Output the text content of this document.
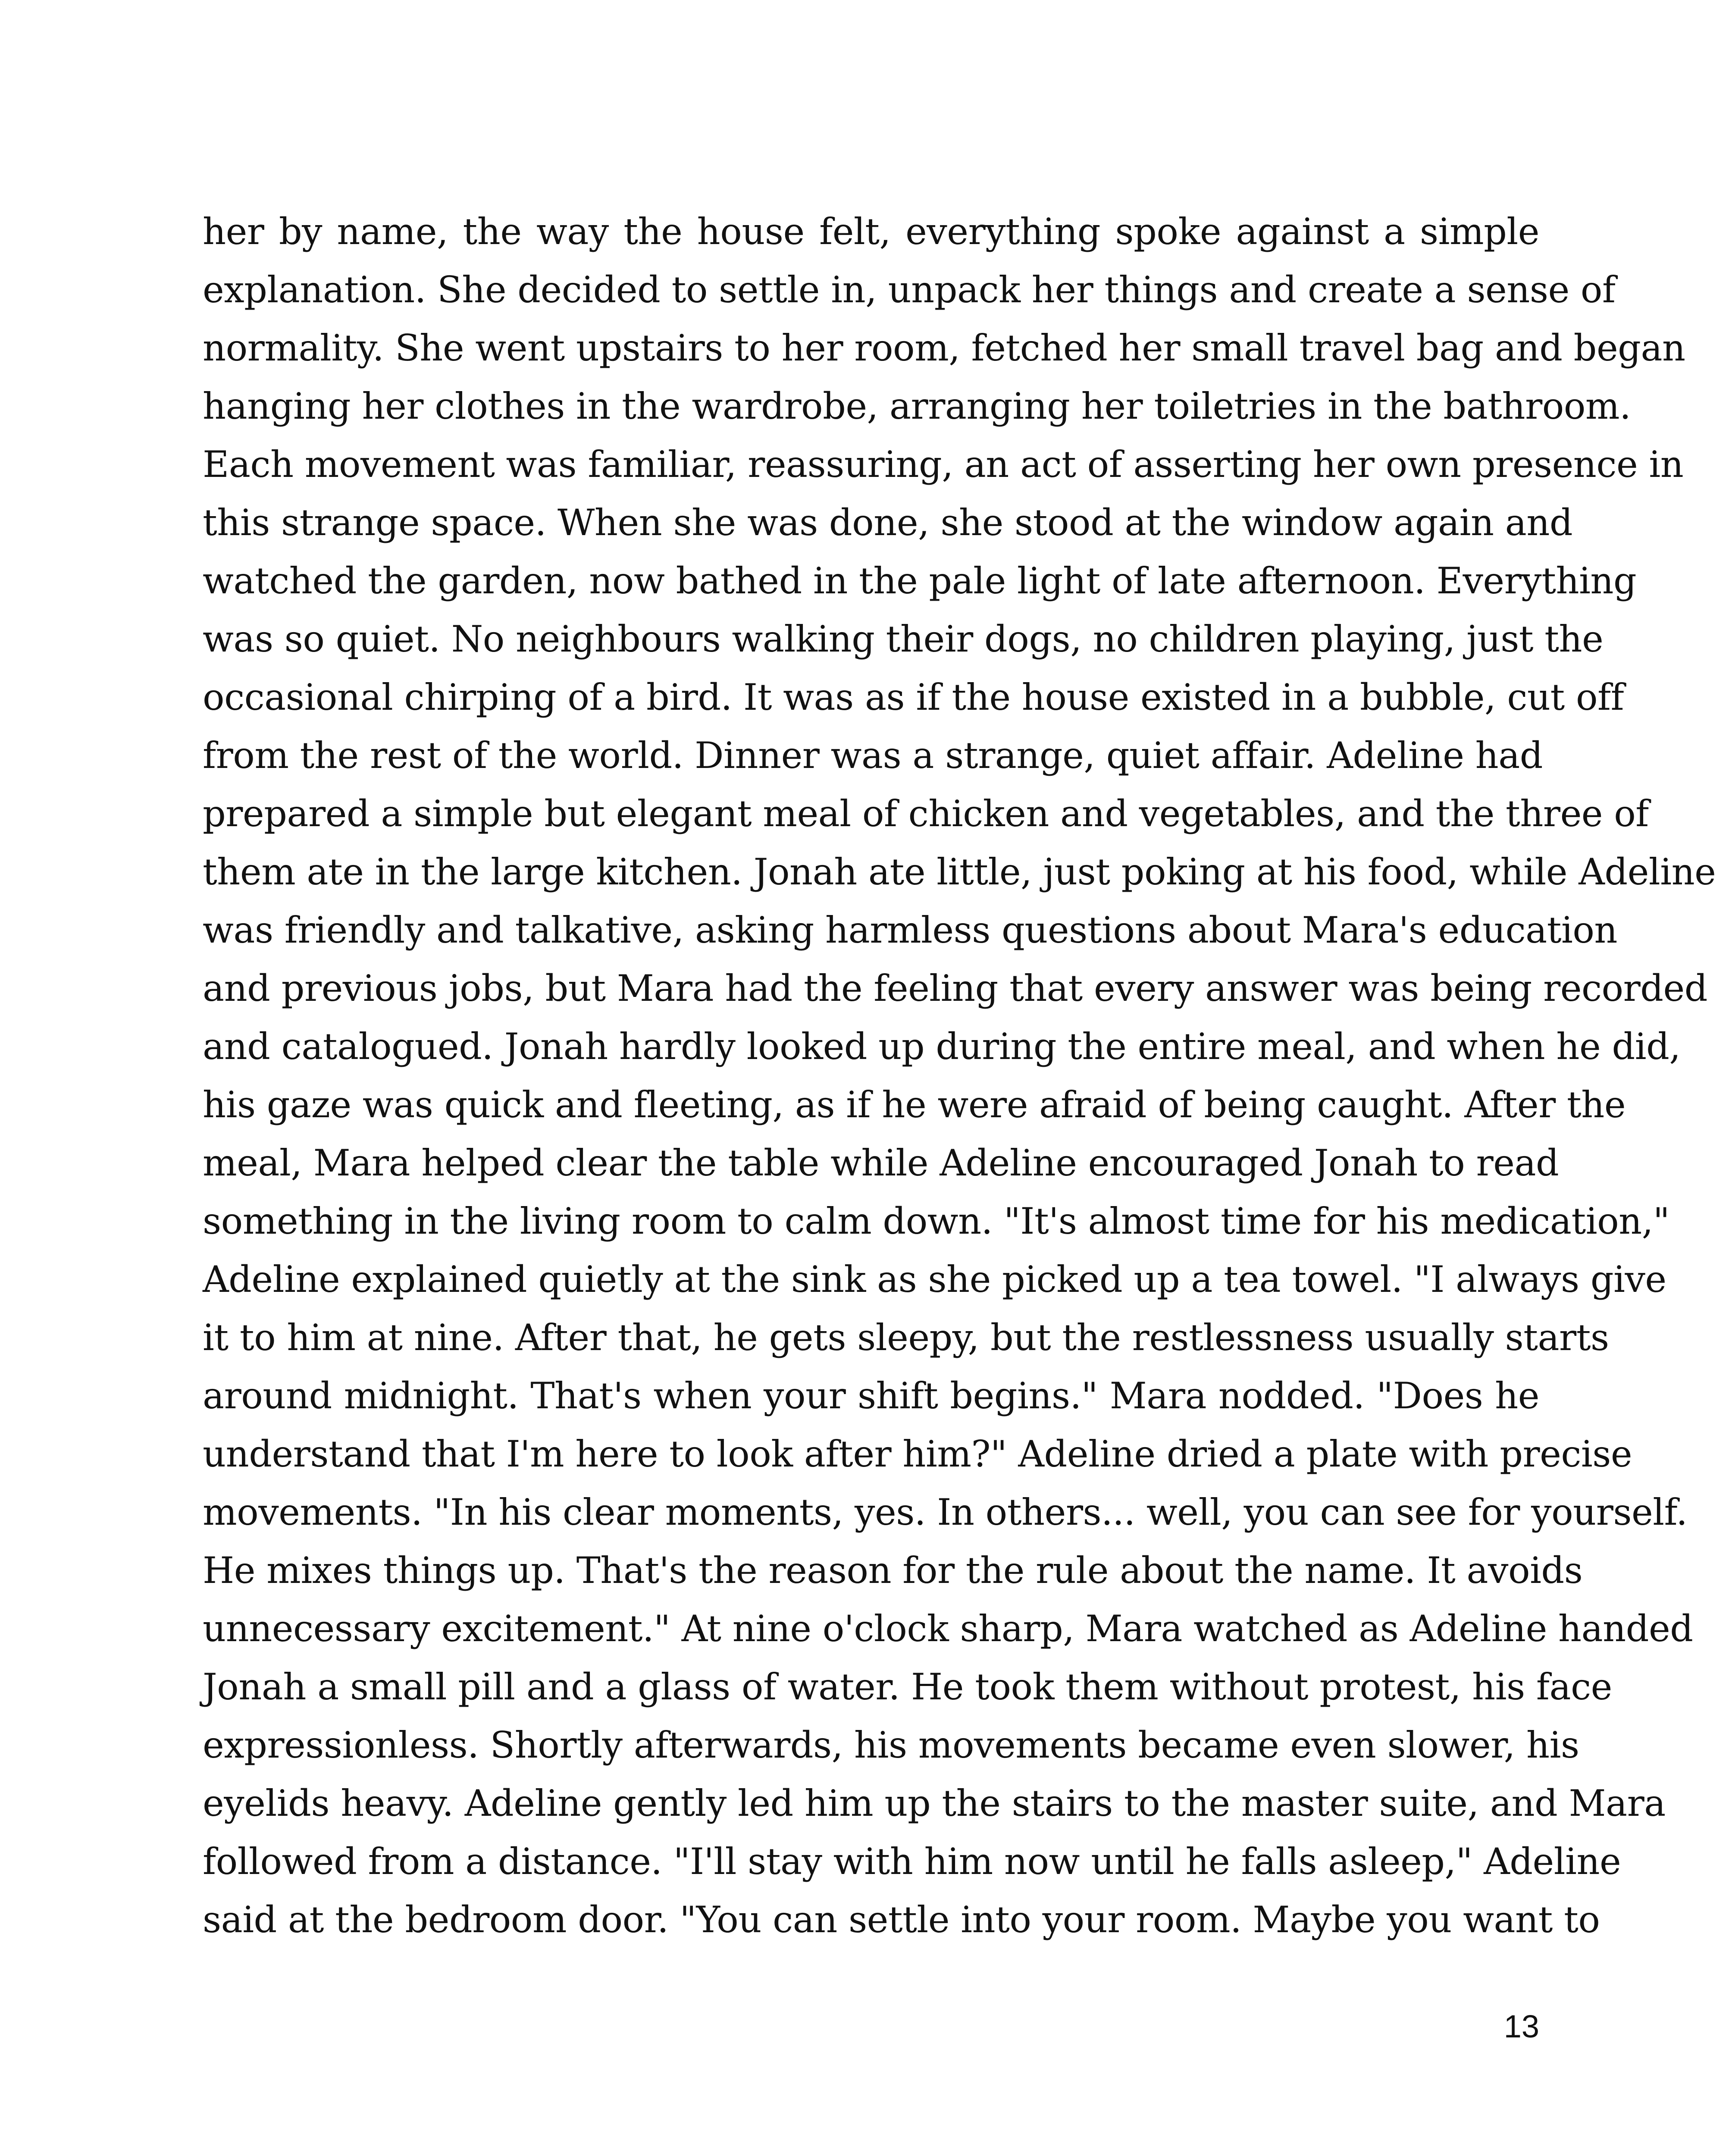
her by name, the way the house felt, everything spoke against a simple
explanation. She decided to settle in, unpack her things and create a sense of
normality. She went upstairs to her room, fetched her small travel bag and began
hanging her clothes in the wardrobe, arranging her toiletries in the bathroom.
Each movement was familiar, reassuring, an act of asserting her own presence in
this strange space. When she was done, she stood at the window again and
watched the garden, now bathed in the pale light of late afternoon. Everything
was so quiet. No neighbours walking their dogs, no children playing, just the
occasional chirping of a bird. It was as if the house existed in a bubble, cut off
from the rest of the world. Dinner was a strange, quiet affair. Adeline had
prepared a simple but elegant meal of chicken and vegetables, and the three of
them ate in the large kitchen. Jonah ate little, just poking at his food, while Adeline
was friendly and talkative, asking harmless questions about Mara's education
and previous jobs, but Mara had the feeling that every answer was being recorded
and catalogued. Jonah hardly looked up during the entire meal, and when he did,
his gaze was quick and fleeting, as if he were afraid of being caught. After the
meal, Mara helped clear the table while Adeline encouraged Jonah to read
something in the living room to calm down. "It's almost time for his medication,"
Adeline explained quietly at the sink as she picked up a tea towel. "I always give
it to him at nine. After that, he gets sleepy, but the restlessness usually starts
around midnight. That's when your shift begins." Mara nodded. "Does he
understand that I'm here to look after him?" Adeline dried a plate with precise
movements. "In his clear moments, yes. In others... well, you can see for yourself.
He mixes things up. That's the reason for the rule about the name. It avoids
unnecessary excitement." At nine o'clock sharp, Mara watched as Adeline handed
Jonah a small pill and a glass of water. He took them without protest, his face
expressionless. Shortly afterwards, his movements became even slower, his
eyelids heavy. Adeline gently led him up the stairs to the master suite, and Mara
followed from a distance. "I'll stay with him now until he falls asleep," Adeline
said at the bedroom door. "You can settle into your room. Maybe you want to
13
